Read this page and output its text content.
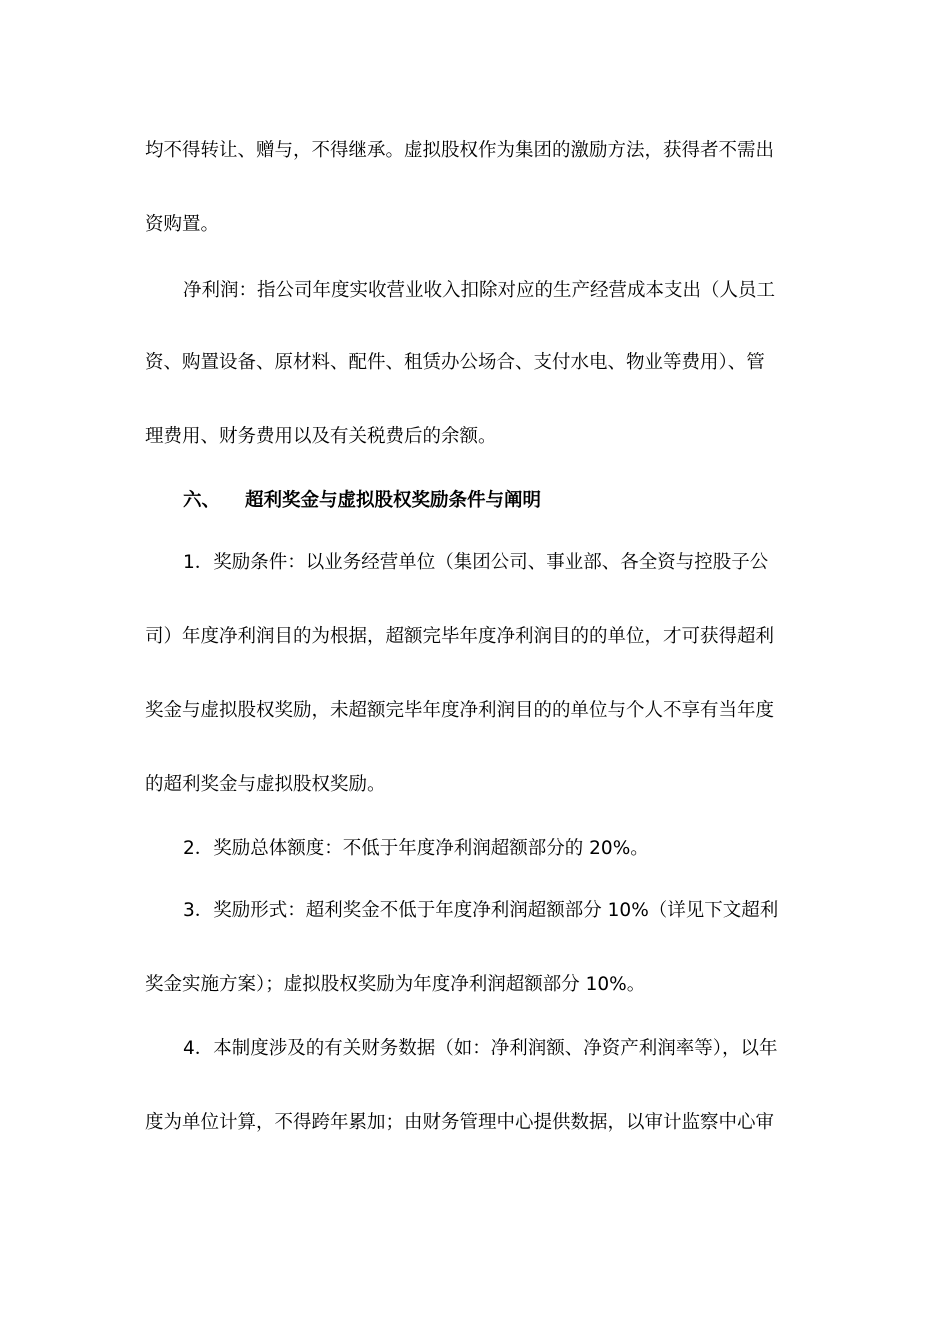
均不得转让、赠与，不得继承。虚拟股权作为集团的激励方法，获得者不需出
资购置。
净利润：指公司年度实收营业收入扣除对应的生产经营成本支出（人员工
资、购置设备、原材料、配件、租赁办公场合、支付水电、物业等费用）、管
理费用、财务费用以及有关税费后的余额。
六、 超利奖金与虚拟股权奖励条件与阐明
1．奖励条件：以业务经营单位（集团公司、事业部、各全资与控股子公
司）年度净利润目的为根据，超额完毕年度净利润目的的单位，才可获得超利
奖金与虚拟股权奖励，未超额完毕年度净利润目的的单位与个人不享有当年度
的超利奖金与虚拟股权奖励。
2．奖励总体额度：不低于年度净利润超额部分的 20%。
3．奖励形式：超利奖金不低于年度净利润超额部分 10%（详见下文超利
奖金实施方案）；虚拟股权奖励为年度净利润超额部分 10%。
4．本制度涉及的有关财务数据（如：净利润额、净资产利润率等），以年
度为单位计算，不得跨年累加；由财务管理中心提供数据，以审计监察中心审
